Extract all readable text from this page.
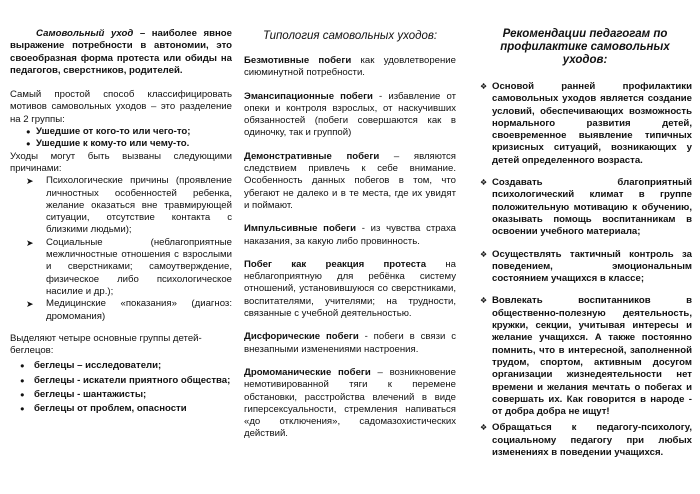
Самовольный уход – наиболее явное выражение потребности в автономии, это своеобразная форма протеста или обиды на педагогов, сверстников, родителей.

Самый простой способ классифицировать мотивов самовольных уходов – это разделение на 2 группы:

● Ушедшие от кого-то или чего-то;
● Ушедшие к кому-то или чему-то.

Уходы могут быть вызваны следующими причинами:

➤ Психологические причины (проявление личностных особенностей ребенка, желание оказаться вне травмирующей ситуации, отсутствие контакта с близкими людьми);
➤ Социальные (неблагоприятные межличностные отношения с взрослыми и сверстниками; самоутверждение, физическое либо психологическое насилие и др.);
➤ Медицинские «показания» (диагноз: дромомания)

Выделяют четыре основные группы детей-беглецов:

● беглецы – исследователи;
● беглецы - искатели приятного общества;
● беглецы - шантажисты;
● беглецы от проблем, опасности
Типология самовольных уходов:

Безмотивные побеги как удовлетворение сиюминутной потребности.

Эмансипационные побеги - избавление от опеки и контроля взрослых, от наскучивших обязанностей (побеги совершаются как в одиночку, так и группой)

Демонстративные побеги – являются следствием привлечь к себе внимание. Особенность данных побегов в том, что убегают не далеко и в те места, где их увидят и поймают.

Импульсивные побеги - из чувства страха наказания, за какую либо провинность.

Побег как реакция протеста на неблагоприятную для ребёнка систему отношений, установившуюся со сверстниками, воспитателями, учителями; на трудности, связанные с учебной деятельностью.

Дисфорические побеги - побеги в связи с внезапными изменениями настроения.

Дромоманические побеги – возникновение немотивированной тяги к перемене обстановки, расстройства влечений в виде гиперсексуальности, стремления напиваться «до отключения», садомазохистических действий.

Рекомендации педагогам по профилактике самовольных уходов:
❖ Основой ранней профилактики самовольных уходов является создание условий, обеспечивающих возможность нормального развития детей, своевременное выявление типичных кризисных ситуаций, возникающих у детей определенного возраста.
❖ Создавать благоприятный психологический климат в группе положительную мотивацию к обучению, оказывать помощь воспитанникам в освоении учебного материала;
❖ Осуществлять тактичный контроль за поведением, эмоциональным состоянием учащихся в классе;
❖ Вовлекать воспитанников в общественно-полезную деятельность, кружки, секции, учитывая интересы и желание учащихся. А также постоянно помнить, что в интересной, заполненной трудом, спортом, активным досугом организации жизнедеятельности нет времени и желания мечтать о побегах и совершать их. Как говорится в народе - от добра добра не ищут!
❖ Обращаться к педагогу-психологу, социальному педагогу при любых изменениях в поведении учащихся.
